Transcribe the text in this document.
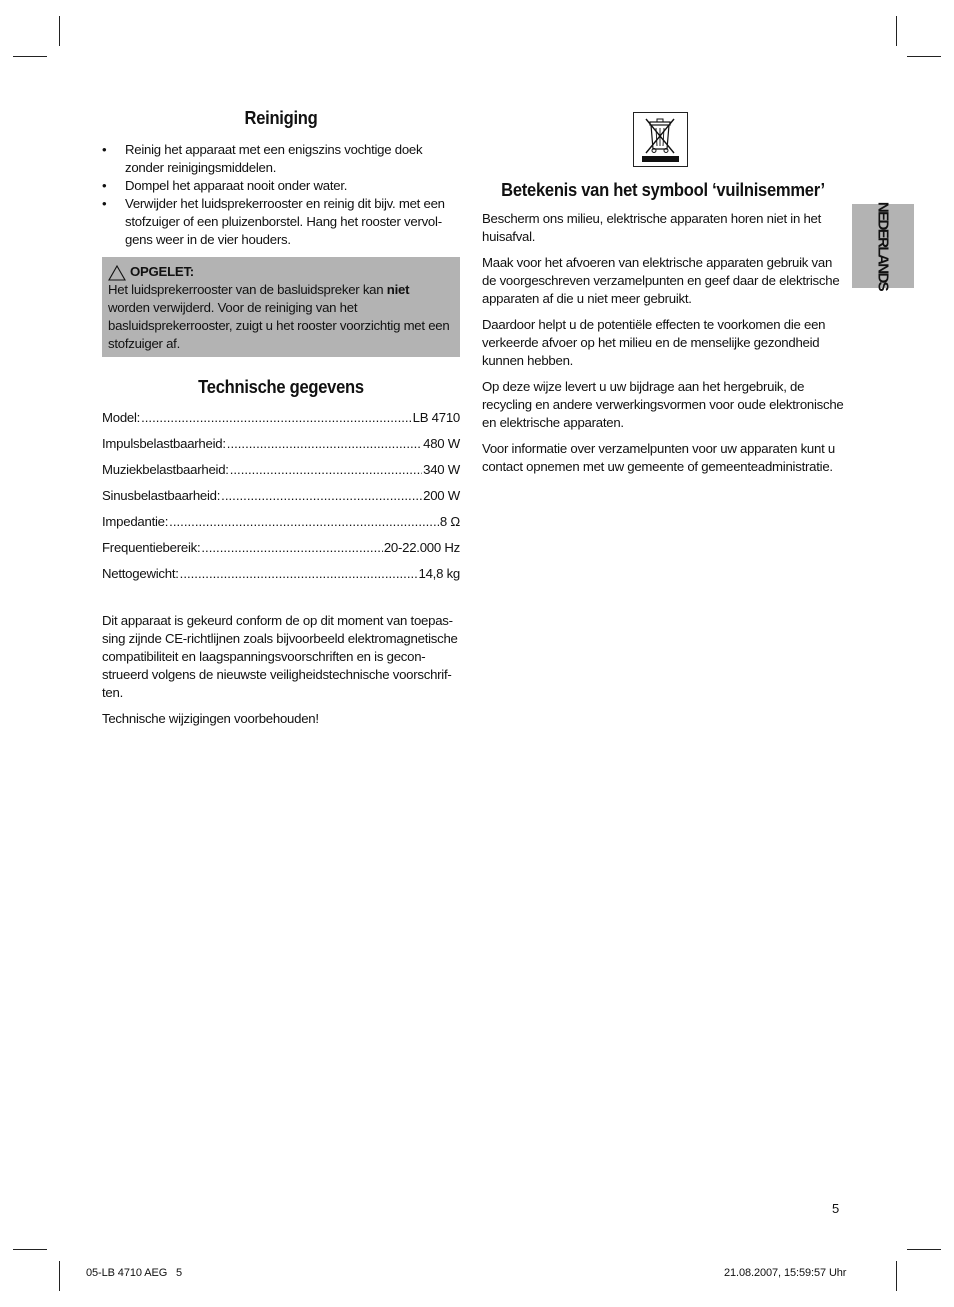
Reiniging
• Reinig het apparaat met een enigszins vochtige doek zonder reinigingsmiddelen.
• Dompel het apparaat nooit onder water.
• Verwijder het luidsprekerrooster en reinig dit bijv. met een stofzuiger of een pluizenborstel. Hang het rooster vervol-gens weer in de vier houders.
OPGELET:
Het luidsprekerrooster van de basluidspreker kan niet worden verwijderd. Voor de reiniging van het basluidsprekerrooster, zuigt u het rooster voorzichtig met een stofzuiger af.
Technische gegevens
Model: .....	LB 4710
Impulsbelastbaarheid: .....	480 W
Muziekbelastbaarheid: .....	340 W
Sinusbelastbaarheid: .....	200 W
Impedantie: .....	8 Ω
Frequentiebereik: .....	20-22.000 Hz
Nettogewicht: .....	14,8 kg

Dit apparaat is gekeurd conform de op dit moment van toepas-sing zijnde CE-richtlijnen zoals bijvoorbeeld elektromagnetische compatibiliteit en laagspanningsvoorschriften en is gecon-strueerd volgens de nieuwste veiligheidstechnische voorschrif-ten.

Technische wijzigingen voorbehouden!

Betekenis van het symbool ‘vuilnisemmer’

Bescherm ons milieu, elektrische apparaten horen niet in het huisafval.

Maak voor het afvoeren van elektrische apparaten gebruik van de voorgeschreven verzamelpunten en geef daar de elektrische apparaten af die u niet meer gebruikt.

Daardoor helpt u de potentiële effecten te voorkomen die een verkeerde afvoer op het milieu en de menselijke gezondheid kunnen hebben.

Op deze wijze levert u uw bijdrage aan het hergebruik, de recycling en andere verwerkingsvormen voor oude elektronische en elektrische apparaten.

Voor informatie over verzamelpunten voor uw apparaten kunt u contact opnemen met uw gemeente of gemeenteadministratie.

NEDERLANDS
5
05-LB 4710 AEG   5	21.08.2007, 15:59:57 Uhr
